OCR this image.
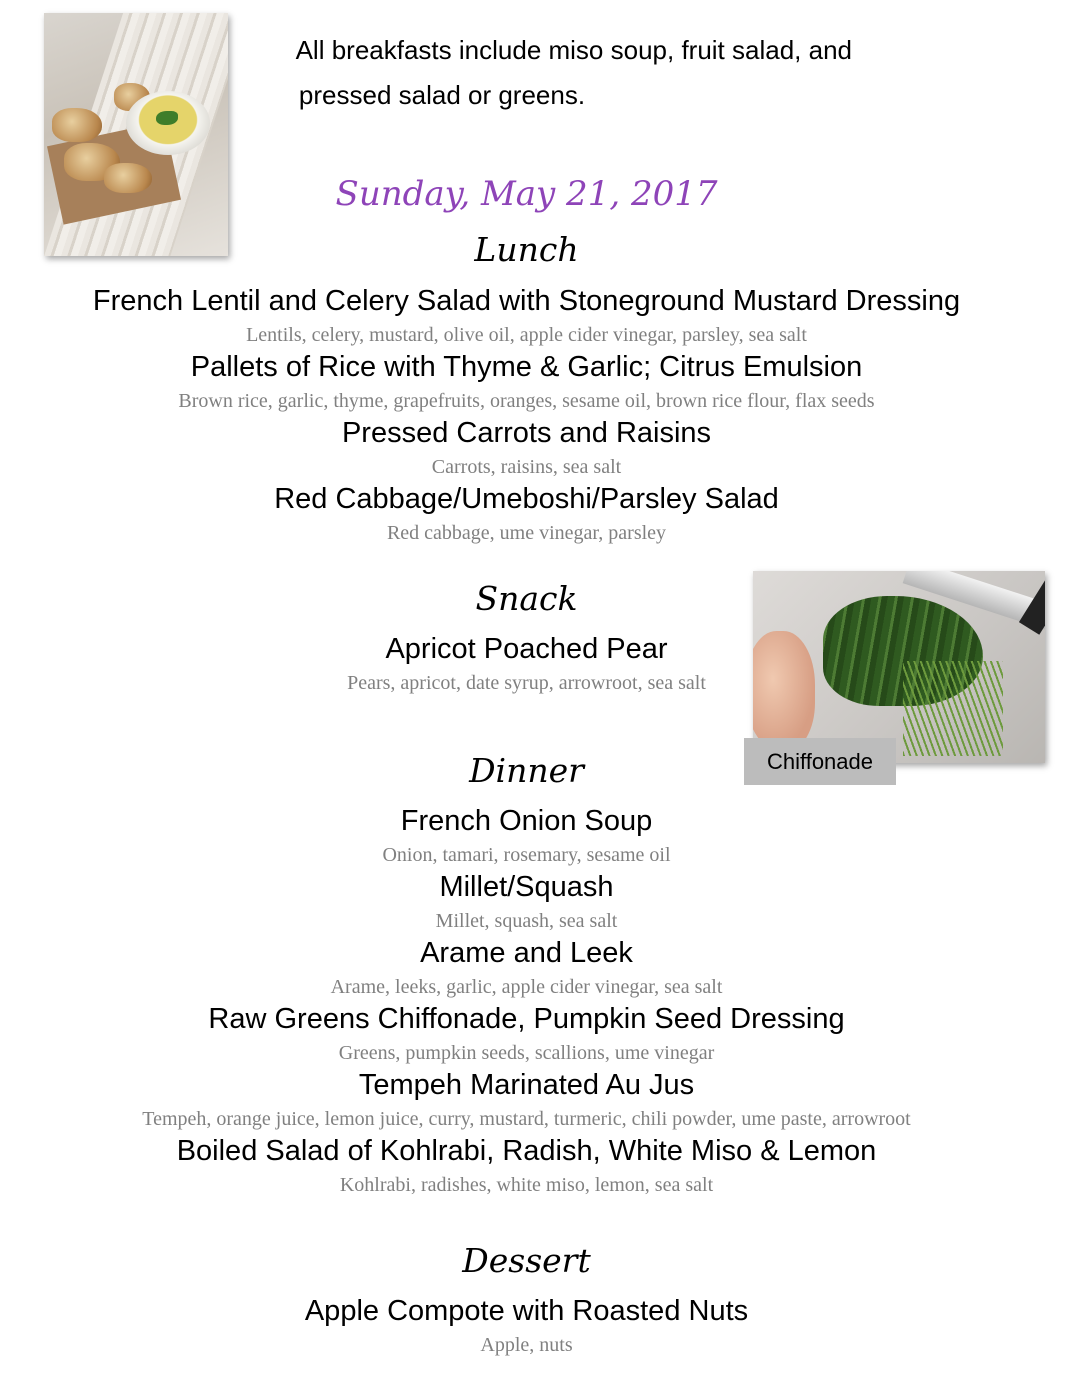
Chiffonade
All breakfasts include miso soup, fruit salad, and
pressed salad or greens.
Sunday, May 21, 2017
Lunch
French Lentil and Celery Salad with Stoneground Mustard Dressing
Lentils, celery, mustard, olive oil, apple cider vinegar, parsley, sea salt
Pallets of Rice with Thyme & Garlic; Citrus Emulsion
Brown rice, garlic, thyme, grapefruits, oranges, sesame oil, brown rice flour, flax seeds
Pressed Carrots and Raisins
Carrots, raisins, sea salt
Red Cabbage/Umeboshi/Parsley Salad
Red cabbage, ume vinegar, parsley
Snack
Apricot Poached Pear
Pears, apricot, date syrup, arrowroot, sea salt
Dinner
French Onion Soup
Onion, tamari, rosemary, sesame oil
Millet/Squash
Millet, squash, sea salt
Arame and Leek
Arame, leeks, garlic, apple cider vinegar, sea salt
Raw Greens Chiffonade, Pumpkin Seed Dressing
Greens, pumpkin seeds, scallions, ume vinegar
Tempeh Marinated Au Jus
Tempeh, orange juice, lemon juice, curry, mustard, turmeric, chili powder, ume paste, arrowroot
Boiled Salad of Kohlrabi, Radish, White Miso & Lemon
Kohlrabi, radishes, white miso, lemon, sea salt
Dessert
Apple Compote with Roasted Nuts
Apple, nuts
